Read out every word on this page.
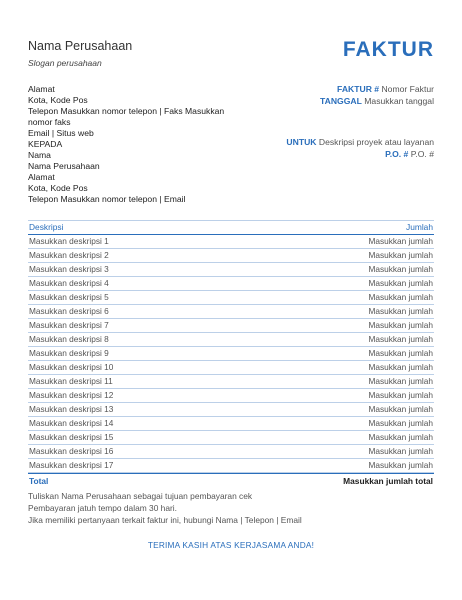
Nama Perusahaan
Slogan perusahaan
FAKTUR
Alamat
Kota, Kode Pos
Telepon Masukkan nomor telepon | Faks Masukkan
nomor faks
Email | Situs web
KEPADA
Nama
Nama Perusahaan
Alamat
Kota, Kode Pos
Telepon Masukkan nomor telepon | Email
FAKTUR # Nomor Faktur
TANGGAL Masukkan tanggal
UNTUK Deskripsi proyek atau layanan
P.O. # P.O. #
Deskripsi	Jumlah
Masukkan deskripsi 1	Masukkan jumlah
Masukkan deskripsi 2	Masukkan jumlah
Masukkan deskripsi 3	Masukkan jumlah
Masukkan deskripsi 4	Masukkan jumlah
Masukkan deskripsi 5	Masukkan jumlah
Masukkan deskripsi 6	Masukkan jumlah
Masukkan deskripsi 7	Masukkan jumlah
Masukkan deskripsi 8	Masukkan jumlah
Masukkan deskripsi 9	Masukkan jumlah
Masukkan deskripsi 10	Masukkan jumlah
Masukkan deskripsi 11	Masukkan jumlah
Masukkan deskripsi 12	Masukkan jumlah
Masukkan deskripsi 13	Masukkan jumlah
Masukkan deskripsi 14	Masukkan jumlah
Masukkan deskripsi 15	Masukkan jumlah
Masukkan deskripsi 16	Masukkan jumlah
Masukkan deskripsi 17	Masukkan jumlah
Total	Masukkan jumlah total
Tuliskan Nama Perusahaan sebagai tujuan pembayaran cek
Pembayaran jatuh tempo dalam 30 hari.
Jika memiliki pertanyaan terkait faktur ini, hubungi Nama | Telepon | Email
TERIMA KASIH ATAS KERJASAMA ANDA!
